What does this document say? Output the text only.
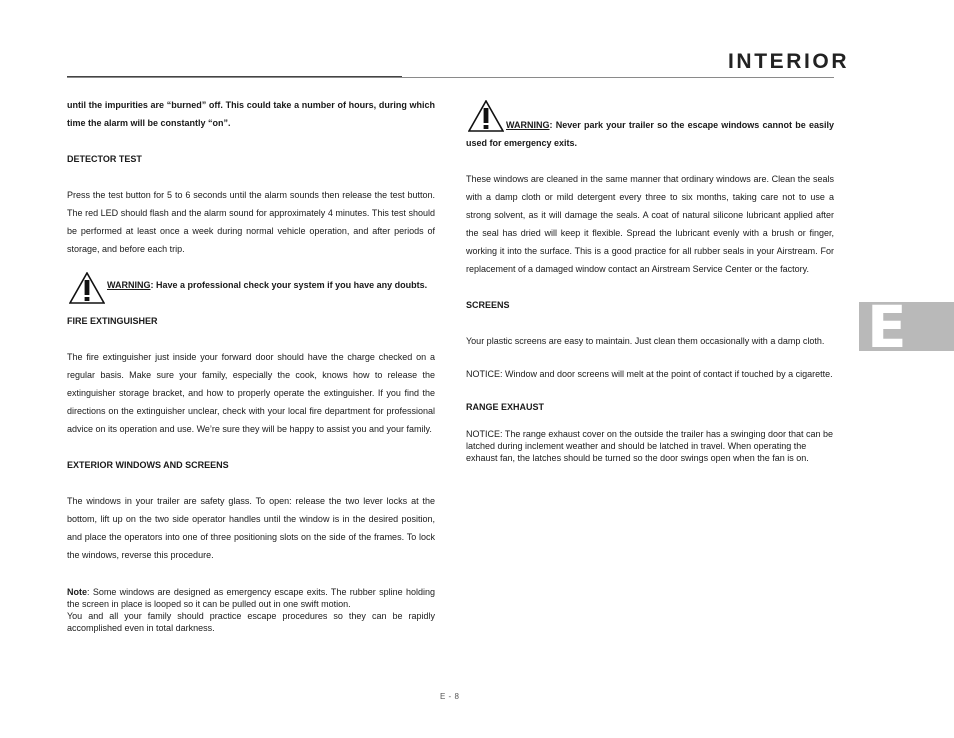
INTERIOR

until the impurities are “burned” off. This could take a number of hours, during which time the alarm will be constantly “on”.

DETECTOR TEST

Press the test button for 5 to 6 seconds until the alarm sounds then release the test button. The red LED should flash and the alarm sound for approximately 4 minutes. This test should be performed at least once a week during normal vehicle operation, and after periods of storage, and before each trip.

WARNING: Have a professional check your system if you have any doubts.

FIRE EXTINGUISHER

The fire extinguisher just inside your forward door should have the charge checked on a regular basis. Make sure your family, especially the cook, knows how to release the extinguisher storage bracket, and how to properly operate the extinguisher. If you find the directions on the extinguisher unclear, check with your local fire department for professional advice on its operation and use. We’re sure they will be happy to assist you and your family.

EXTERIOR WINDOWS AND SCREENS

The windows in your trailer are safety glass. To open: release the two lever locks at the bottom, lift up on the two side operator handles until the window is in the desired position, and place the operators into one of three positioning slots on the side of the frames. To lock the windows, reverse this procedure.

Note: Some windows are designed as emergency escape exits. The rubber spline holding the screen in place is looped so it can be pulled out in one swift motion.

You and all your family should practice escape procedures so they can be rapidly accomplished even in total darkness.

WARNING: Never park your trailer so the escape windows cannot be easily used for emergency exits.

These windows are cleaned in the same manner that ordinary windows are. Clean the seals with a damp cloth or mild detergent every three to six months, taking care not to use a strong solvent, as it will damage the seals. A coat of natural silicone lubricant applied after the seal has dried will keep it flexible. Spread the lubricant evenly with a brush or finger, working it into the surface. This is a good practice for all rubber seals in your Airstream. For replacement of a damaged window contact an Airstream Service Center or the factory.

SCREENS

Your plastic screens are easy to maintain. Just clean them occasionally with a damp cloth.

NOTICE: Window and door screens will melt at the point of contact if touched by a cigarette.

RANGE EXHAUST

NOTICE: The range exhaust cover on the outside the trailer has a swinging door that can be latched during inclement weather and should be latched in travel. When operating the exhaust fan, the latches should be turned so the door swings open when the fan is on.

E
E - 8
